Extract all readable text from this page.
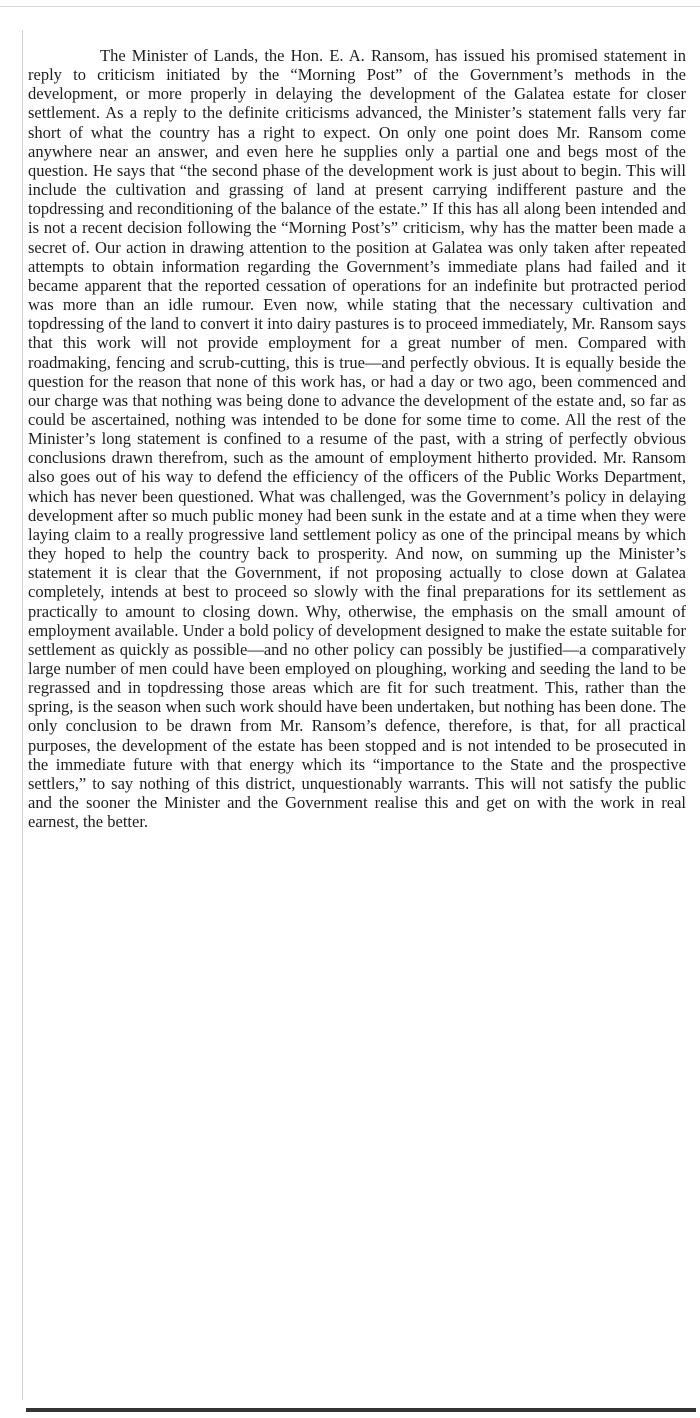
The Minister of Lands, the Hon. E. A. Ransom, has issued his promised statement in reply to criticism initiated by the “Morning Post” of the Government’s methods in the development, or more properly in delaying the development of the Galatea estate for closer settlement. As a reply to the definite criticisms advanced, the Minister’s statement falls very far short of what the country has a right to expect. On only one point does Mr. Ransom come anywhere near an answer, and even here he supplies only a partial one and begs most of the question. He says that “the second phase of the development work is just about to begin. This will include the cultivation and grassing of land at present carrying indifferent pasture and the topdressing and reconditioning of the balance of the estate.” If this has all along been intended and is not a recent decision following the “Morning Post’s” criticism, why has the matter been made a secret of. Our action in drawing attention to the position at Galatea was only taken after repeated attempts to obtain information regarding the Government’s immediate plans had failed and it became apparent that the reported cessation of operations for an indefinite but protracted period was more than an idle rumour. Even now, while stating that the necessary cultivation and topdressing of the land to convert it into dairy pastures is to proceed immediately, Mr. Ransom says that this work will not provide employment for a great number of men. Compared with roadmaking, fencing and scrub-cutting, this is true—and perfectly obvious. It is equally beside the question for the reason that none of this work has, or had a day or two ago, been commenced and our charge was that nothing was being done to advance the development of the estate and, so far as could be ascertained, nothing was intended to be done for some time to come. All the rest of the Minister’s long statement is confined to a resume of the past, with a string of perfectly obvious conclusions drawn therefrom, such as the amount of employment hitherto provided. Mr. Ransom also goes out of his way to defend the efficiency of the officers of the Public Works Department, which has never been questioned. What was challenged, was the Government’s policy in delaying development after so much public money had been sunk in the estate and at a time when they were laying claim to a really progressive land settlement policy as one of the principal means by which they hoped to help the country back to prosperity. And now, on summing up the Minister’s statement it is clear that the Government, if not proposing actually to close down at Galatea completely, intends at best to proceed so slowly with the final preparations for its settlement as practically to amount to closing down. Why, otherwise, the emphasis on the small amount of employment available. Under a bold policy of development designed to make the estate suitable for settlement as quickly as possible—and no other policy can possibly be justified—a comparatively large number of men could have been employed on ploughing, working and seeding the land to be regrassed and in topdressing those areas which are fit for such treatment. This, rather than the spring, is the season when such work should have been undertaken, but nothing has been done. The only conclusion to be drawn from Mr. Ransom’s defence, therefore, is that, for all practical purposes, the development of the estate has been stopped and is not intended to be prosecuted in the immediate future with that energy which its “importance to the State and the prospective settlers,” to say nothing of this district, unquestionably warrants. This will not satisfy the public and the sooner the Minister and the Government realise this and get on with the work in real earnest, the better.
